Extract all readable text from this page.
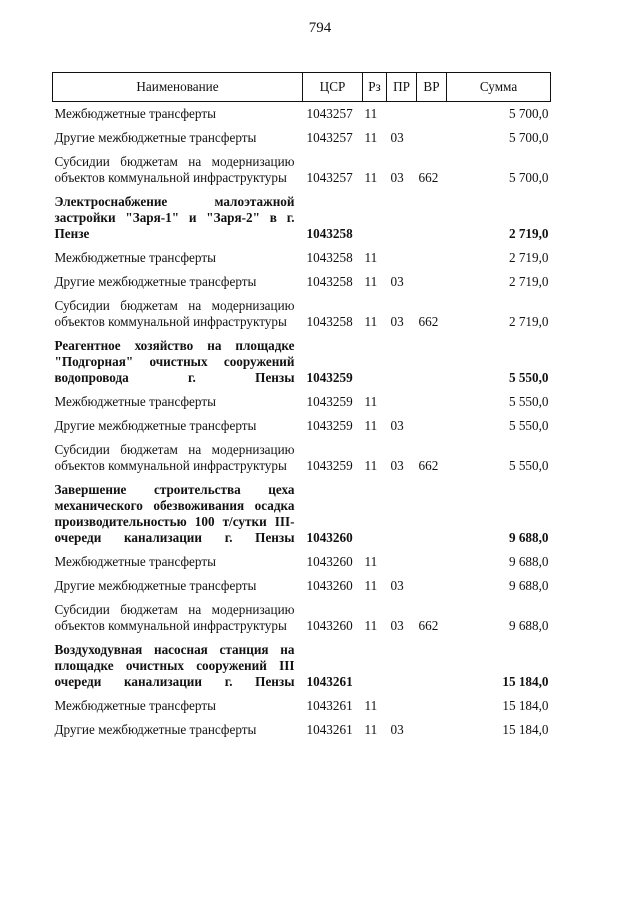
794
Наименование	ЦСР	Рз	ПР	ВР	Сумма
Межбюджетные трансферты	1043257	11			5 700,0
Другие межбюджетные трансферты	1043257	11	03		5 700,0
Субсидии бюджетам на модернизацию объектов коммунальной инфраструктуры	1043257	11	03	662	5 700,0
Электроснабжение малоэтажной застройки "Заря-1" и "Заря-2" в г. Пензе	1043258				2 719,0
Межбюджетные трансферты	1043258	11			2 719,0
Другие межбюджетные трансферты	1043258	11	03		2 719,0
Субсидии бюджетам на модернизацию объектов коммунальной инфраструктуры	1043258	11	03	662	2 719,0
Реагентное хозяйство на площадке "Подгорная" очистных сооружений водопровода г. Пензы	1043259				5 550,0
Межбюджетные трансферты	1043259	11			5 550,0
Другие межбюджетные трансферты	1043259	11	03		5 550,0
Субсидии бюджетам на модернизацию объектов коммунальной инфраструктуры	1043259	11	03	662	5 550,0
Завершение строительства цеха механического обезвоживания осадка производительностью 100 т/сутки III-очереди канализации г. Пензы	1043260				9 688,0
Межбюджетные трансферты	1043260	11			9 688,0
Другие межбюджетные трансферты	1043260	11	03		9 688,0
Субсидии бюджетам на модернизацию объектов коммунальной инфраструктуры	1043260	11	03	662	9 688,0
Воздуходувная насосная станция на площадке очистных сооружений III очереди канализации г. Пензы	1043261				15 184,0
Межбюджетные трансферты	1043261	11			15 184,0
Другие межбюджетные трансферты	1043261	11	03		15 184,0
